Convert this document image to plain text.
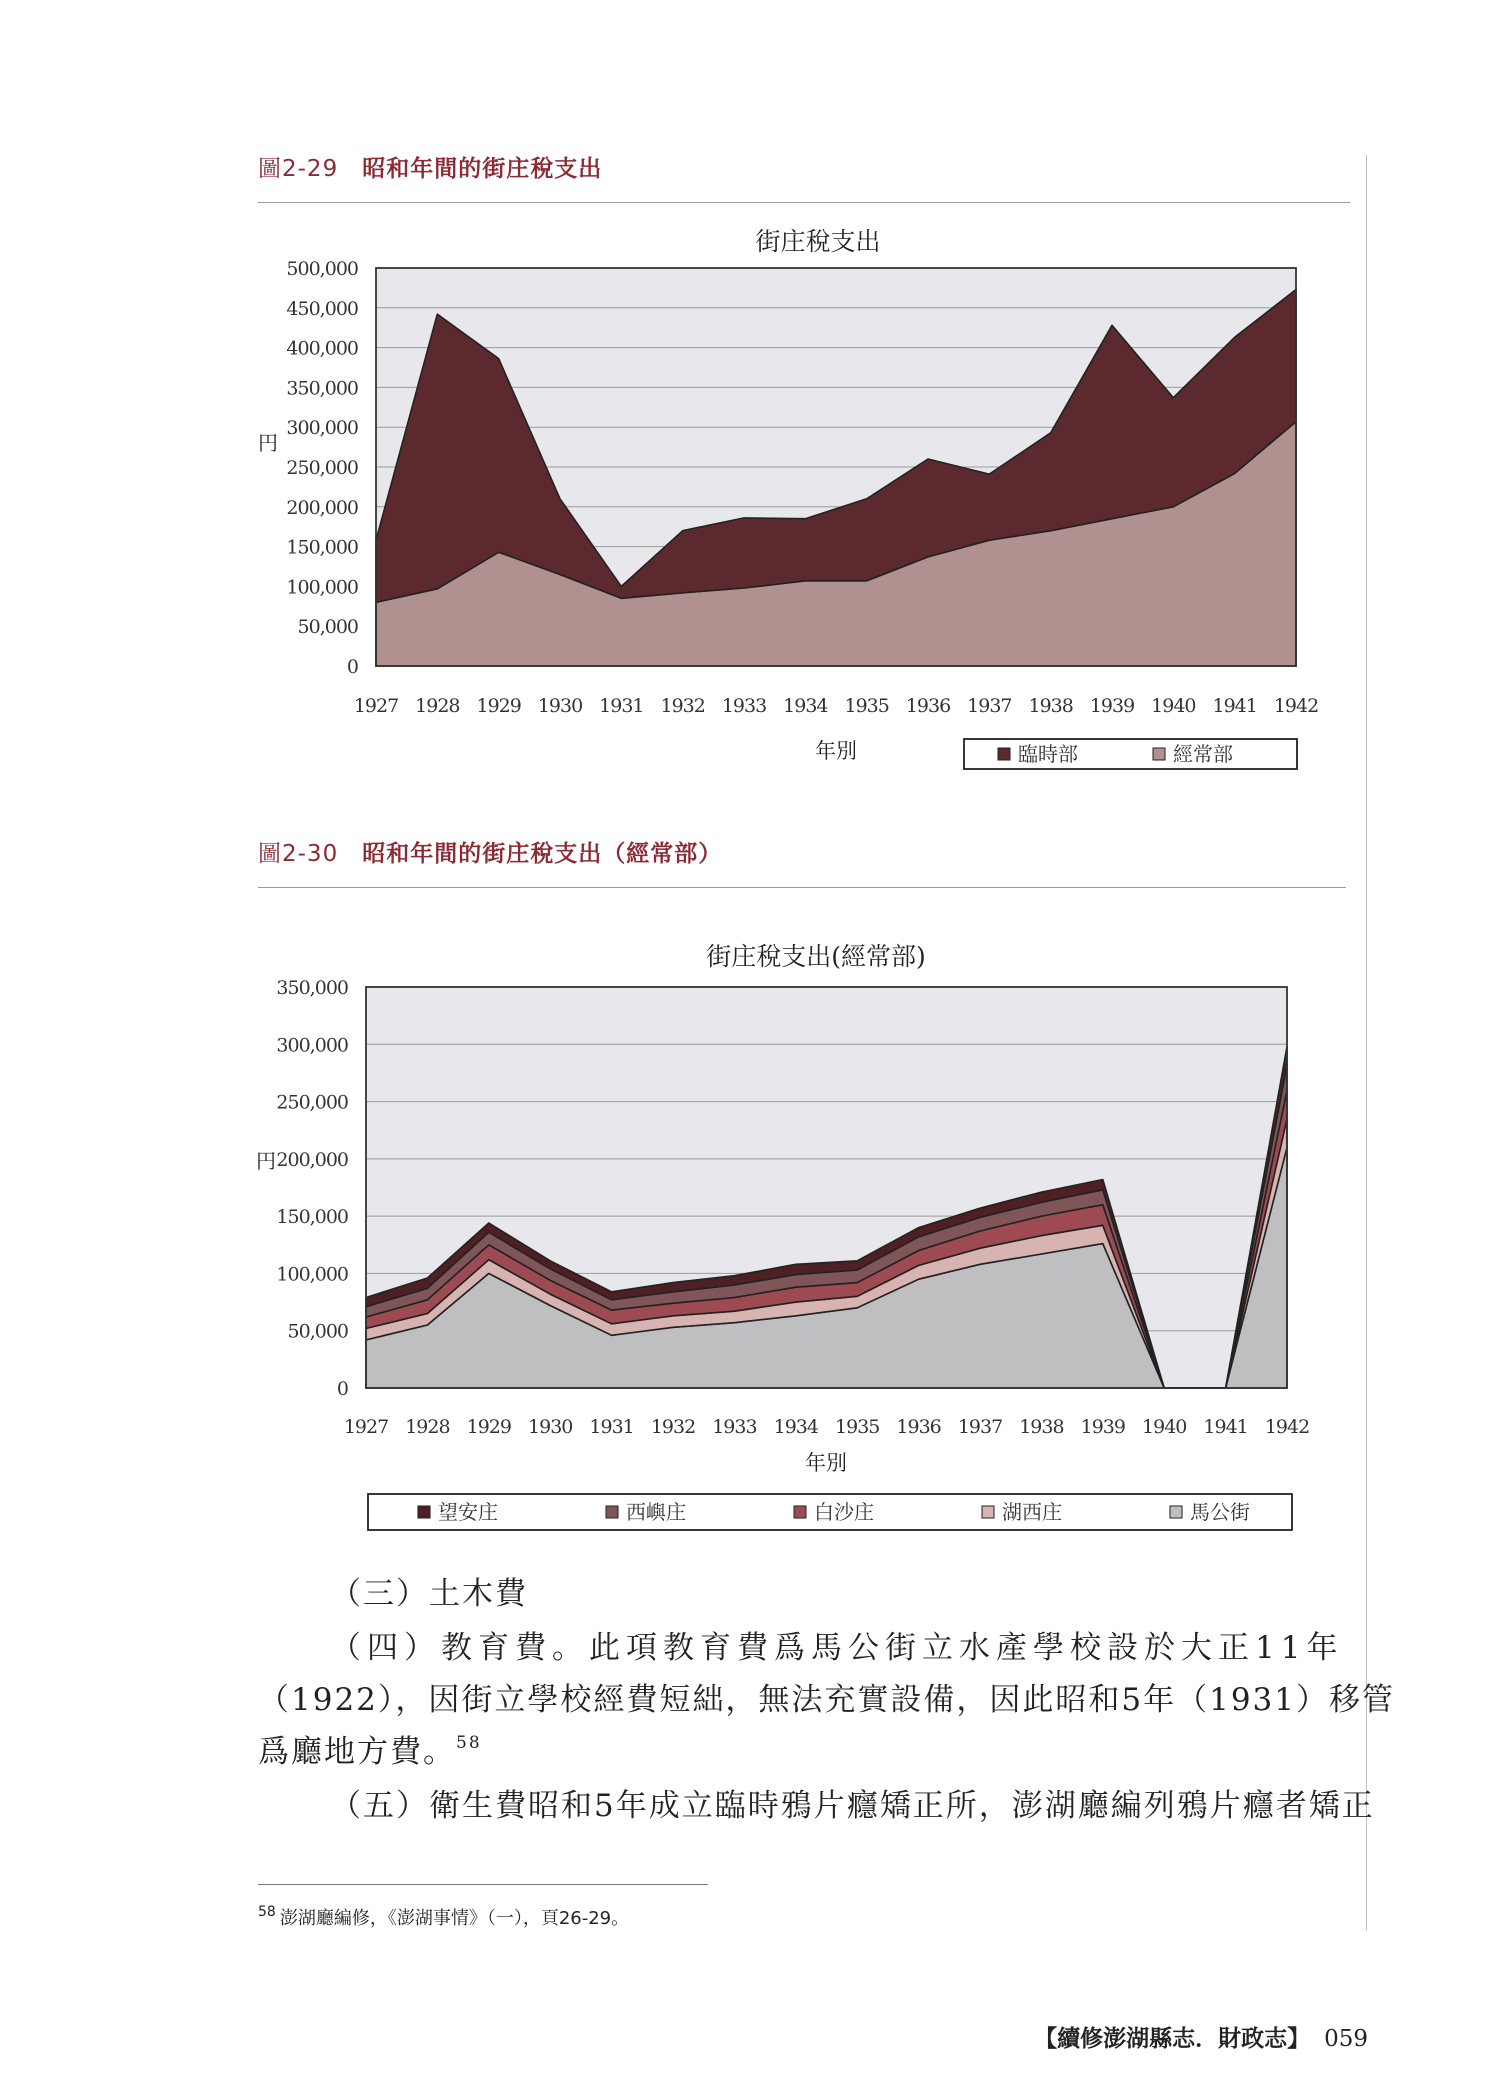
圖2-29 昭和年間的街庄稅支出
0
50,000
100,000
150,000
200,000
250,000
300,000
350,000
400,000
450,000
500,000
1927 1928 1929 1930 1931 1932 1933 1934 1935 1936 1937 1938 1939 1940 1941 1942
街庄稅支出
年別
円
臨時部	經常部
圖2-30 昭和年間的街庄稅支出（經常部）
0
50,000
100,000
150,000
200,000
250,000
300,000
350,000
1927 1928 1929 1930 1931 1932 1933 1934 1935 1936 1937 1938 1939 1940 1941 1942
街庄稅支出(經常部)
年別
円
望安庄	西嶼庄	白沙庄	湖西庄	馬公街
（三）土木費
（四）教育費。此項教育費爲馬公街立水產學校設於大正11年
（1922），因街立學校經費短絀，無法充實設備，因此昭和5年（1931）移管
爲廳地方費。$^{58}$
（五）衛生費昭和5年成立臨時鴉片癮矯正所，澎湖廳編列鴉片癮者矯正
$^{58}$ 澎湖廳編修，《澎湖事情》（一），頁26-29。
【續修澎湖縣志．財政志】 059
